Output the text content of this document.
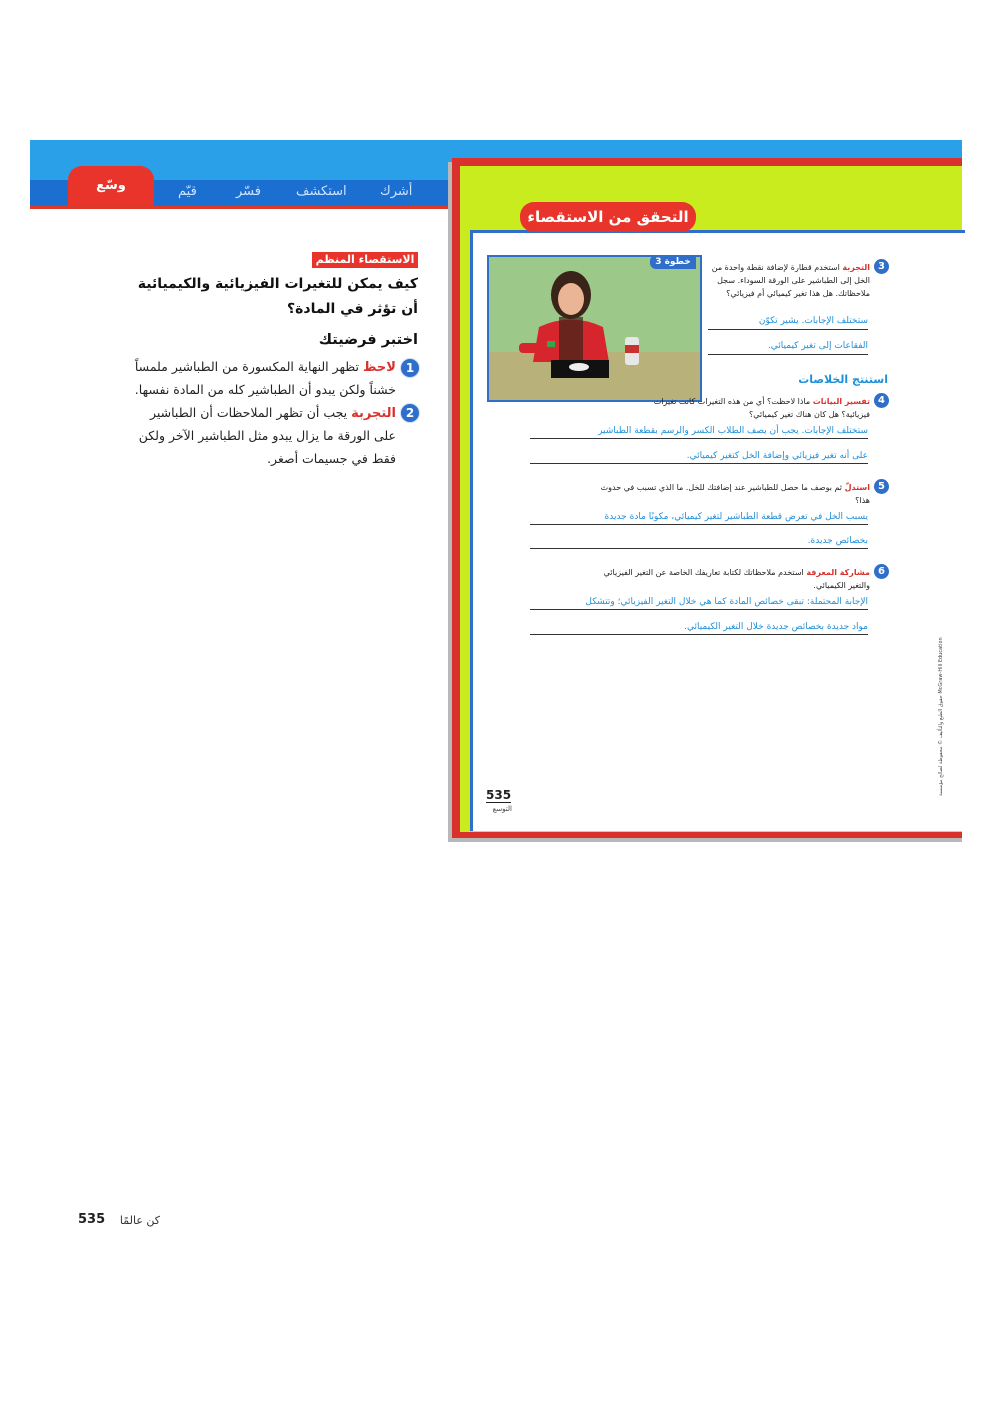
وسّع	قيّم	فسّر	استكشف	أشرك
التحقق من الاستقصاء
خطوة 3	3
التجربة استخدم قطارة لإضافة نقطة واحدة من الخل إلى الطباشير على الورقة السوداء. سجل ملاحظاتك. هل هذا تغير كيميائي أم فيزيائي؟
ستختلف الإجابات. يشير تكوّن
الفقاعات إلى تغير كيميائي.
استنتج الخلاصات
4
تفسير البيانات ماذا لاحظت؟ أي من هذه التغيرات كانت تغيرات فيزيائية؟ هل كان هناك تغير كيميائي؟
ستختلف الإجابات. يجب أن يصف الطلاب الكسر والرسم بقطعة الطباشير
على أنه تغير فيزيائي وإضافة الخل كتغير كيميائي.
5
استدلّ ثم بوصف ما حصل للطباشير عند إضافتك للخل. ما الذي تسبب في حدوث هذا؟
يسبب الخل في تعرض قطعة الطباشير لتغير كيميائي، مكونًا مادة جديدة
بخصائص جديدة.
6
مشاركة المعرفة استخدم ملاحظاتك لكتابة تعاريفك الخاصة عن التغير الفيزيائي والتغير الكيميائي.
الإجابة المحتملة: تبقى خصائص المادة كما هي خلال التغير الفيزيائي؛ وتتشكل
مواد جديدة بخصائص جديدة خلال التغير الكيميائي.
حقوق الطبع والتأليف © محفوظة لصالح مؤسسة McGraw-Hill Education
535
التوسع
الاستقصاء المنظم
كيف يمكن للتغيرات الفيزيائية والكيميائية
أن تؤثر في المادة؟
اختبر فرضيتك
1
لاحظ تظهر النهاية المكسورة من الطباشير ملمساً
خشناً ولكن يبدو أن الطباشير كله من المادة نفسها.
2
التجربة يجب أن تظهر الملاحظات أن الطباشير
على الورقة ما يزال يبدو مثل الطباشير الآخر ولكن
فقط في جسيمات أصغر.
535	كن عالمًا
